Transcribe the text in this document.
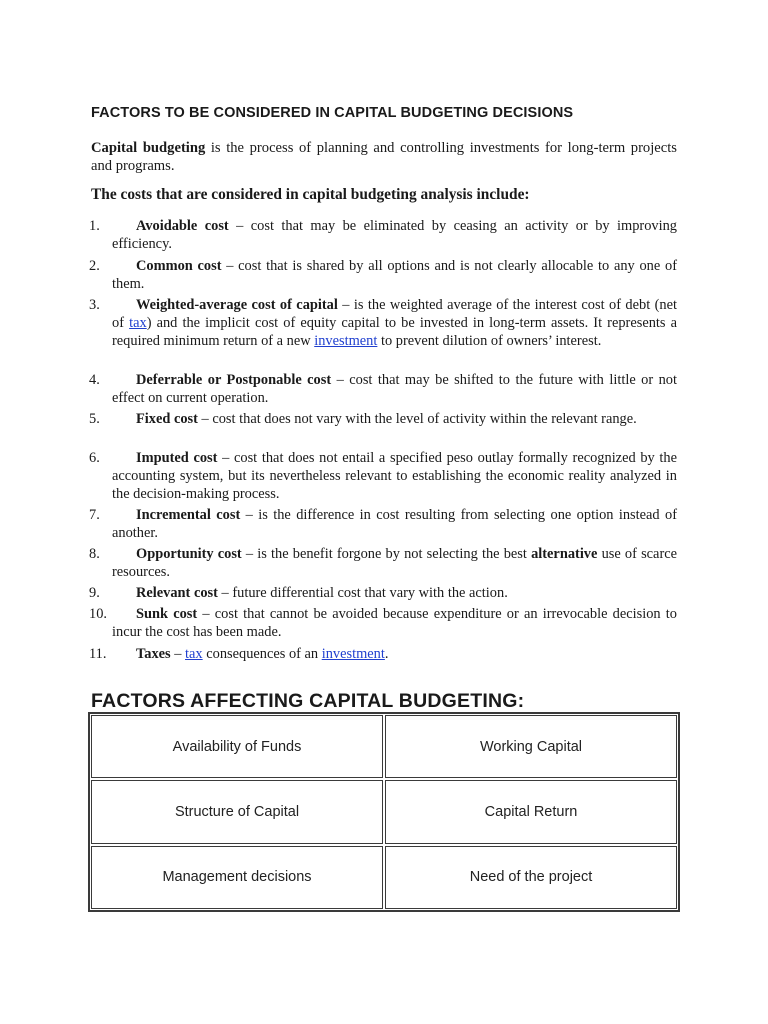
FACTORS TO BE CONSIDERED IN CAPITAL BUDGETING DECISIONS

Capital budgeting is the process of planning and controlling investments for long-term projects and programs.

The costs that are considered in capital budgeting analysis include:
1.	Avoidable cost – cost that may be eliminated by ceasing an activity or by improving efficiency.
2.	Common cost – cost that is shared by all options and is not clearly allocable to any one of them.
3.	Weighted-average cost of capital – is the weighted average of the interest cost of debt (net of tax) and the implicit cost of equity capital to be invested in long-term assets. It represents a required minimum return of a new investment to prevent dilution of owners’ interest.
4.	Deferrable or Postponable cost – cost that may be shifted to the future with little or not effect on current operation.
5.	Fixed cost – cost that does not vary with the level of activity within the relevant range.
6.	Imputed cost – cost that does not entail a specified peso outlay formally recognized by the accounting system, but its nevertheless relevant to establishing the economic reality analyzed in the decision-making process.
7.	Incremental cost – is the difference in cost resulting from selecting one option instead of another.
8.	Opportunity cost – is the benefit forgone by not selecting the best alternative use of scarce resources.
9.	Relevant cost – future differential cost that vary with the action.
10.	Sunk cost – cost that cannot be avoided because expenditure or an irrevocable decision to incur the cost has been made.
11.	Taxes – tax consequences of an investment.
FACTORS AFFECTING CAPITAL BUDGETING:
Availability of Funds	Working Capital
Structure of Capital	Capital Return
Management decisions	Need of the project
